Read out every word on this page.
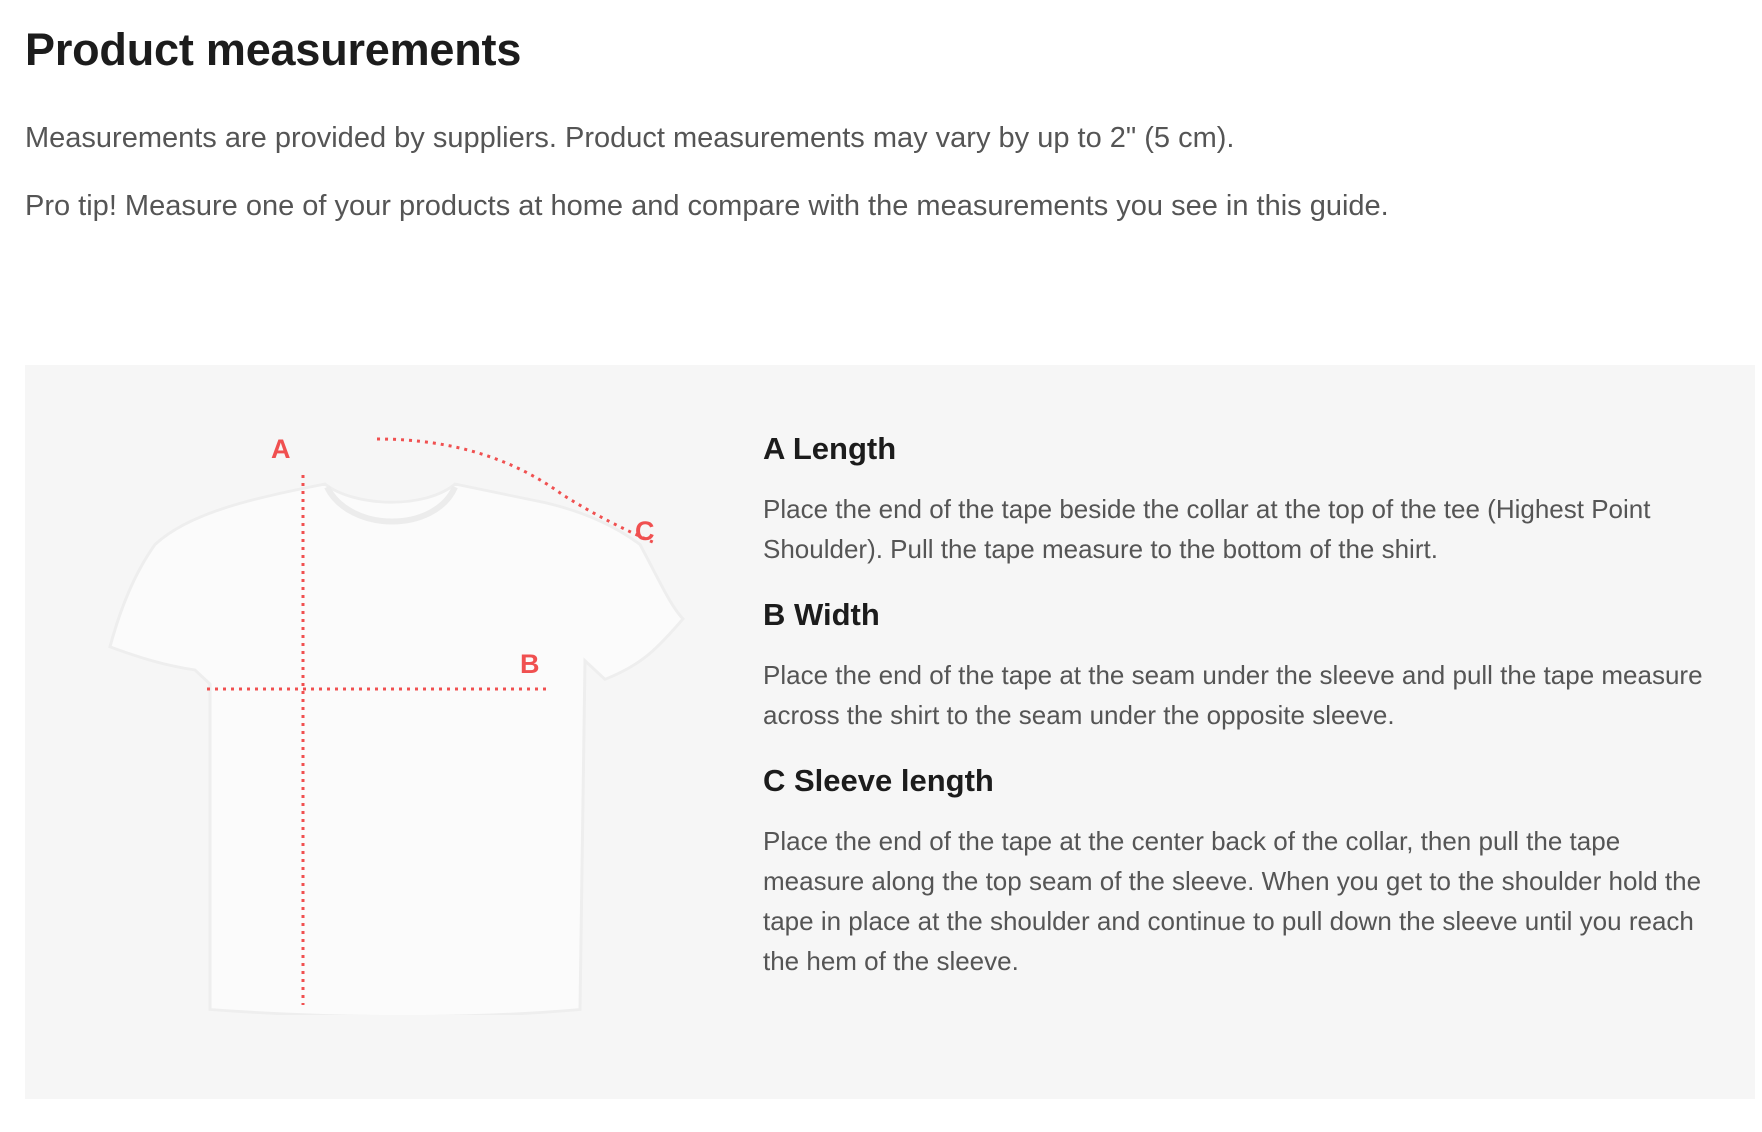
Product measurements

Measurements are provided by suppliers. Product measurements may vary by up to 2" (5 cm).

Pro tip! Measure one of your products at home and compare with the measurements you see in this guide.

A
B
C
A Length

Place the end of the tape beside the collar at the top of the tee (Highest Point Shoulder). Pull the tape measure to the bottom of the shirt.

B Width

Place the end of the tape at the seam under the sleeve and pull the tape measure across the shirt to the seam under the opposite sleeve.

C Sleeve length

Place the end of the tape at the center back of the collar, then pull the tape measure along the top seam of the sleeve. When you get to the shoulder hold the tape in place at the shoulder and continue to pull down the sleeve until you reach the hem of the sleeve.
